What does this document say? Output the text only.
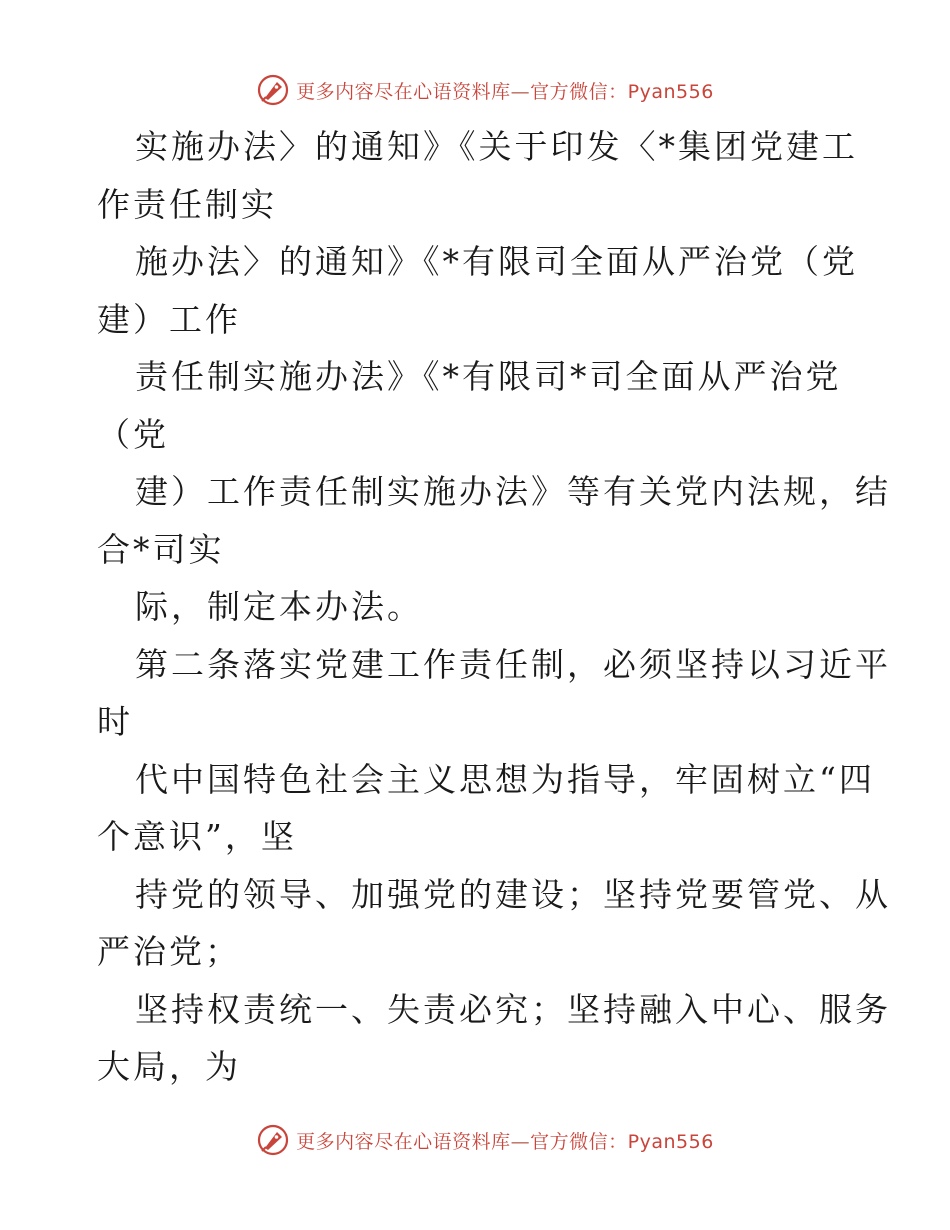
更多内容尽在心语资料库—官方微信：Pyan556
实施办法〉的通知》《关于印发〈*集团党建工
作责任制实
施办法〉的通知》《*有限司全面从严治党（党
建）工作
责任制实施办法》《*有限司*司全面从严治党
（党
建）工作责任制实施办法》等有关党内法规，结
合*司实
际，制定本办法。
第二条落实党建工作责任制，必须坚持以习近平
时
代中国特色社会主义思想为指导，牢固树立“四
个意识”，坚
持党的领导、加强党的建设；坚持党要管党、从
严治党；
坚持权责统一、失责必究；坚持融入中心、服务
大局，为
更多内容尽在心语资料库—官方微信：Pyan556
